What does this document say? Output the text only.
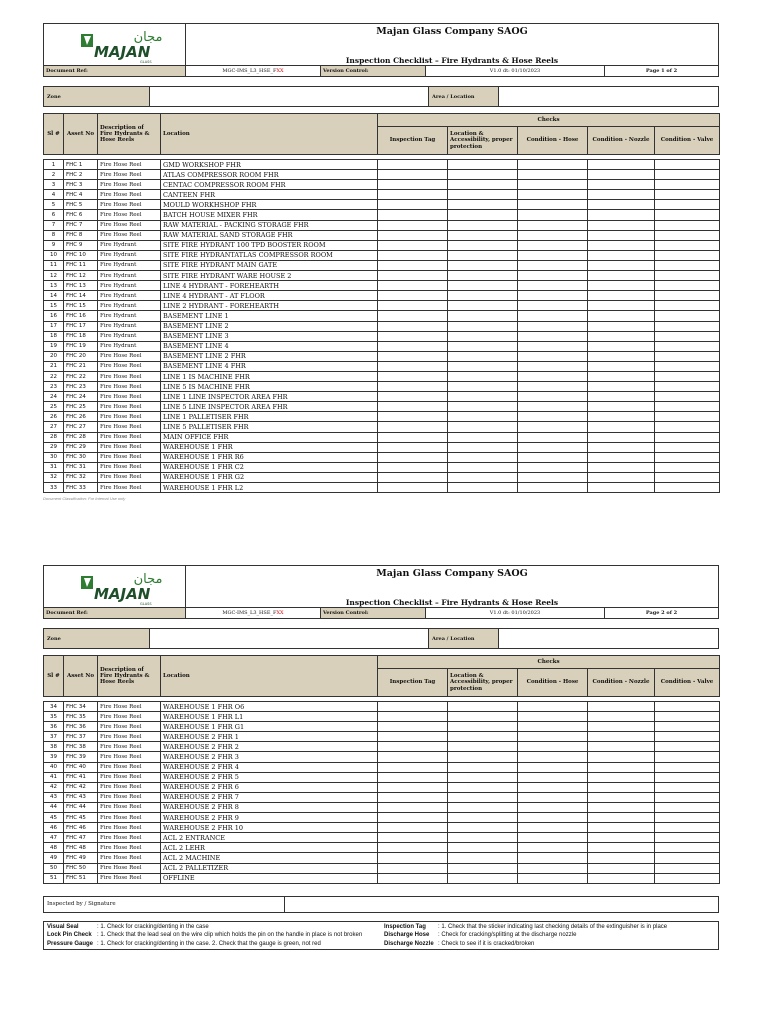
مجان
MAJAN
GLASS
Majan Glass Company SAOG
Inspection Checklist – Fire Hydrants & Hose Reels
Document Ref:	MGC-IMS_L3_HSE_F XX	Version Control:	V1.0 dt: 01/10/2023	Page 1 of 2
Zone	Area / Location
Sl #	Asset No	Description of Fire Hydrants & Hose Reels	Location	Checks				
				Inspection Tag	Location & Accessibility, proper protection	Condition - Hose	Condition - Nozzle	Condition - Valve
1	FHC 1	Fire Hose Reel	GMD WORKSHOP FHR					
2	FHC 2	Fire Hose Reel	ATLAS COMPRESSOR ROOM FHR					
3	FHC 3	Fire Hose Reel	CENTAC COMPRESSOR ROOM FHR					
4	FHC 4	Fire Hose Reel	CANTEEN FHR					
5	FHC 5	Fire Hose Reel	MOULD WORKHSHOP FHR					
6	FHC 6	Fire Hose Reel	BATCH HOUSE MIXER FHR					
7	FHC 7	Fire Hose Reel	RAW MATERIAL - PACKING STORAGE FHR					
8	FHC 8	Fire Hose Reel	RAW MATERIAL SAND STORAGE FHR					
9	FHC 9	Fire Hydrant	SITE FIRE HYDRANT 100 TPD BOOSTER ROOM					
10	FHC 10	Fire Hydrant	SITE FIRE HYDRANTATLAS COMPRESSOR ROOM					
11	FHC 11	Fire Hydrant	SITE FIRE HYDRANT MAIN GATE					
12	FHC 12	Fire Hydrant	SITE FIRE HYDRANT WARE HOUSE 2					
13	FHC 13	Fire Hydrant	LINE 4 HYDRANT - FOREHEARTH					
14	FHC 14	Fire Hydrant	LINE 4 HYDRANT - AT FLOOR					
15	FHC 15	Fire Hydrant	LINE 2 HYDRANT - FOREHEARTH					
16	FHC 16	Fire Hydrant	BASEMENT LINE 1					
17	FHC 17	Fire Hydrant	BASEMENT LINE 2					
18	FHC 18	Fire Hydrant	BASEMENT LINE 3					
19	FHC 19	Fire Hydrant	BASEMENT LINE 4					
20	FHC 20	Fire Hose Reel	BASEMENT LINE 2 FHR					
21	FHC 21	Fire Hose Reel	BASEMENT LINE 4 FHR					
22	FHC 22	Fire Hose Reel	LINE 1 IS MACHINE FHR					
23	FHC 23	Fire Hose Reel	LINE 5 IS MACHINE FHR					
24	FHC 24	Fire Hose Reel	LINE 1 LINE INSPECTOR AREA FHR					
25	FHC 25	Fire Hose Reel	LINE 5 LINE INSPECTOR AREA FHR					
26	FHC 26	Fire Hose Reel	LINE 1 PALLETISER FHR					
27	FHC 27	Fire Hose Reel	LINE 5 PALLETISER FHR					
28	FHC 28	Fire Hose Reel	MAIN OFFICE FHR					
29	FHC 29	Fire Hose Reel	WAREHOUSE 1 FHR					
30	FHC 30	Fire Hose Reel	WAREHOUSE 1 FHR R6					
31	FHC 31	Fire Hose Reel	WAREHOUSE 1 FHR C2					
32	FHC 32	Fire Hose Reel	WAREHOUSE 1 FHR G2					
33	FHC 33	Fire Hose Reel	WAREHOUSE 1 FHR L2					
Document Classification: For Internal Use only
مجان
MAJAN
GLASS
Majan Glass Company SAOG
Inspection Checklist – Fire Hydrants & Hose Reels
Document Ref:	MGC-IMS_L3_HSE_F XX	Version Control:	V1.0 dt: 01/10/2023	Page 2 of 2
Zone	Area / Location
Sl #	Asset No	Description of Fire Hydrants & Hose Reels	Location	Checks				
				Inspection Tag	Location & Accessibility, proper protection	Condition - Hose	Condition - Nozzle	Condition - Valve
34	FHC 34	Fire Hose Reel	WAREHOUSE 1 FHR O6					
35	FHC 35	Fire Hose Reel	WAREHOUSE 1 FHR L1					
36	FHC 36	Fire Hose Reel	WAREHOUSE 1 FHR G1					
37	FHC 37	Fire Hose Reel	WAREHOUSE 2 FHR 1					
38	FHC 38	Fire Hose Reel	WAREHOUSE 2 FHR 2					
39	FHC 39	Fire Hose Reel	WAREHOUSE 2 FHR 3					
40	FHC 40	Fire Hose Reel	WAREHOUSE 2 FHR 4					
41	FHC 41	Fire Hose Reel	WAREHOUSE 2 FHR 5					
42	FHC 42	Fire Hose Reel	WAREHOUSE 2 FHR 6					
43	FHC 43	Fire Hose Reel	WAREHOUSE 2 FHR 7					
44	FHC 44	Fire Hose Reel	WAREHOUSE 2 FHR 8					
45	FHC 45	Fire Hose Reel	WAREHOUSE 2 FHR 9					
46	FHC 46	Fire Hose Reel	WAREHOUSE 2 FHR 10					
47	FHC 47	Fire Hose Reel	ACL 2 ENTRANCE					
48	FHC 48	Fire Hose Reel	ACL 2 LEHR					
49	FHC 49	Fire Hose Reel	ACL 2 MACHINE					
50	FHC 50	Fire Hose Reel	ACL 2 PALLETIZER					
51	FHC 51	Fire Hose Reel	OFFLINE					
Inspected by / Signature
Visual Seal	: 1. Check for cracking/denting in the case
Lock Pin Check : 1. Check that the lead seal on the wire clip which holds the pin on the handle in place is not broken
Pressure Gauge : 1. Check for cracking/denting in the case. 2. Check that the gauge is green, not red
Inspection Tag : 1. Check that the sticker indicating last checking details of the extinguisher is in place
Discharge Hose : Check for cracking/splitting at the discharge nozzle
Discharge Nozzle : Check to see if it is cracked/broken
